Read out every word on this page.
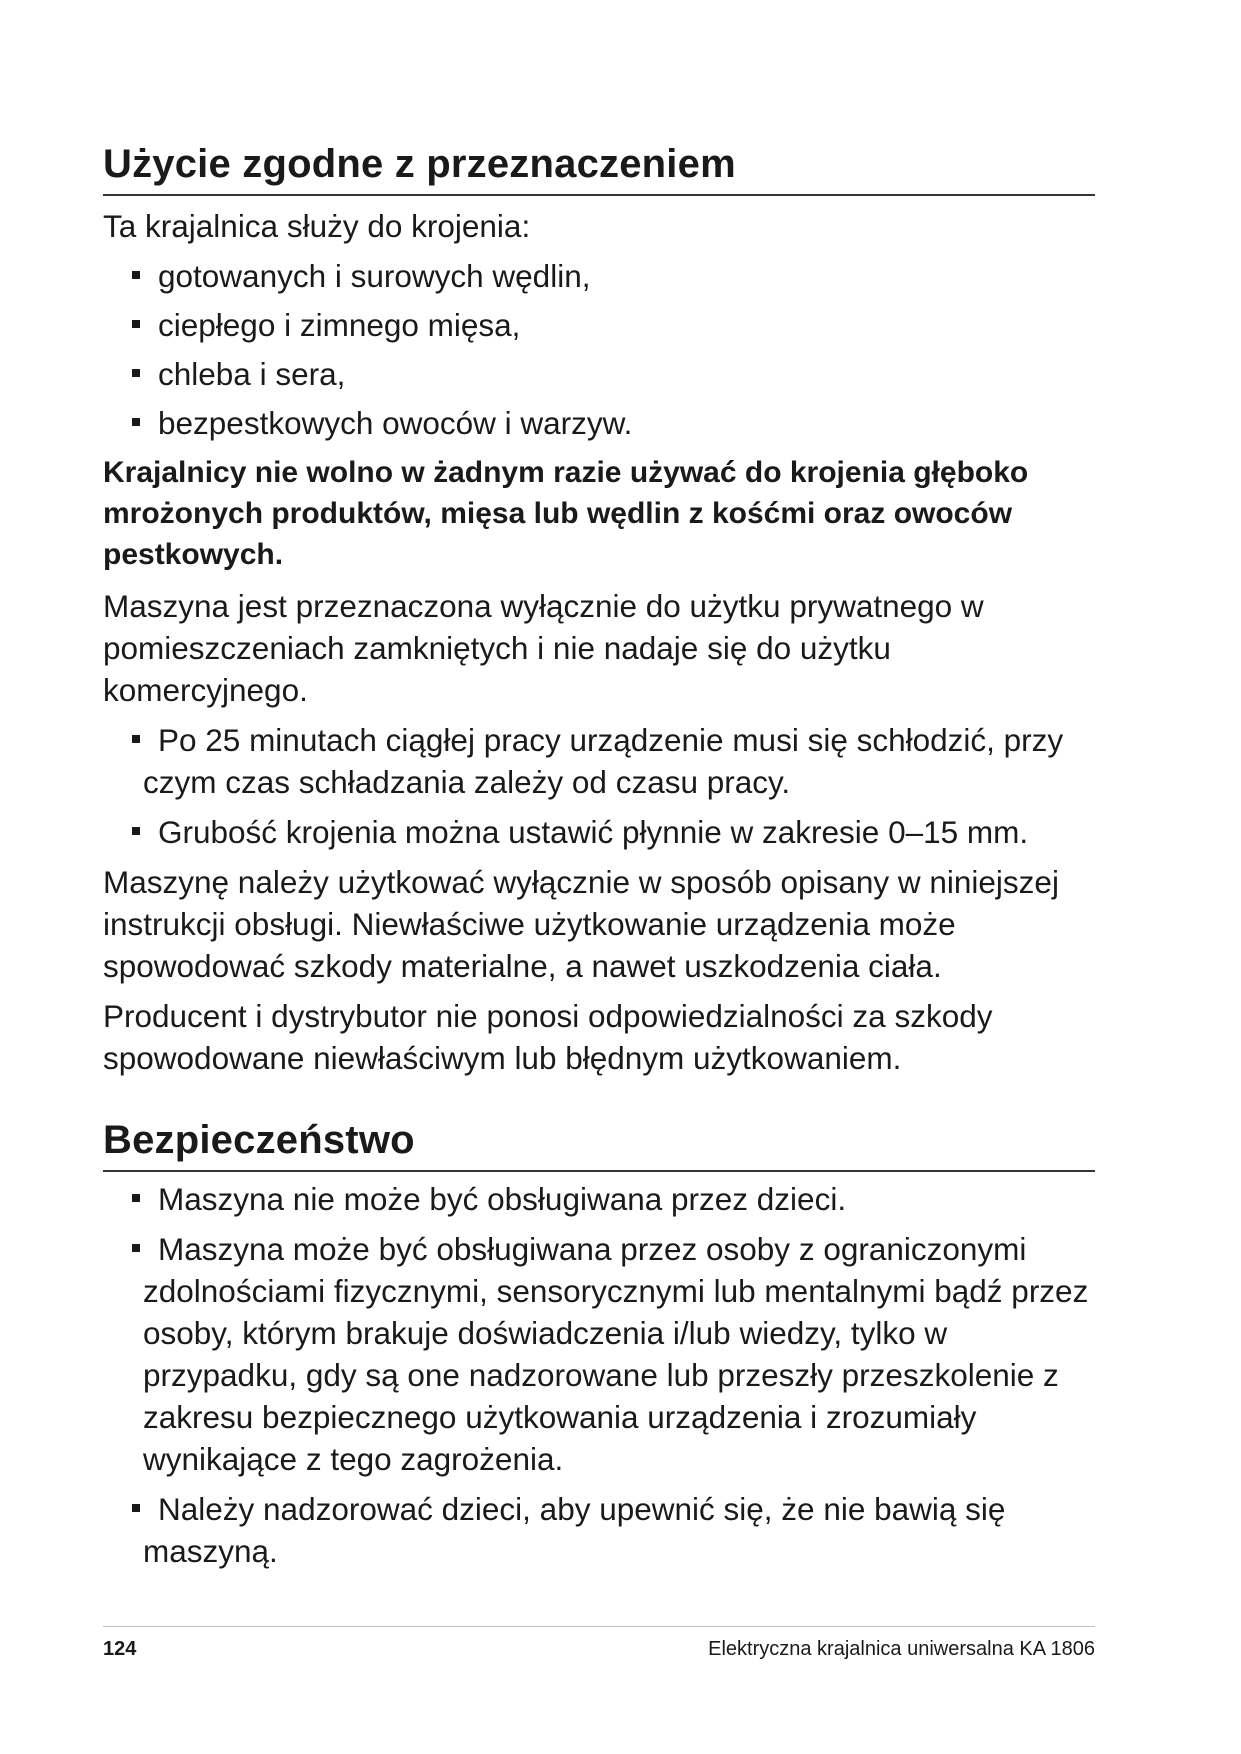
Użycie zgodne z przeznaczeniem

Ta krajalnica służy do krojenia:

gotowanych i surowych wędlin,
ciepłego i zimnego mięsa,
chleba i sera,
bezpestkowych owoców i warzyw.

Krajalnicy nie wolno w żadnym razie używać do krojenia głęboko mrożonych produktów, mięsa lub wędlin z kośćmi oraz owoców pestkowych.

Maszyna jest przeznaczona wyłącznie do użytku prywatnego w pomieszczeniach zamkniętych i nie nadaje się do użytku komercyjnego.

Po 25 minutach ciągłej pracy urządzenie musi się schłodzić, przy czym czas schładzania zależy od czasu pracy.
Grubość krojenia można ustawić płynnie w zakresie 0–15 mm.

Maszynę należy użytkować wyłącznie w sposób opisany w niniejszej instrukcji obsługi. Niewłaściwe użytkowanie urządzenia może spowodować szkody materialne, a nawet uszkodzenia ciała.

Producent i dystrybutor nie ponosi odpowiedzialności za szkody spowodowane niewłaściwym lub błędnym użytkowaniem.

Bezpieczeństwo
Maszyna nie może być obsługiwana przez dzieci.
Maszyna może być obsługiwana przez osoby z ograniczonymi zdolnościami fizycznymi, sensorycznymi lub mentalnymi bądź przez osoby, którym brakuje doświadczenia i/lub wiedzy, tylko w przypadku, gdy są one nadzorowane lub przeszły przeszkolenie z zakresu bezpiecznego użytkowania urządzenia i zrozumiały wynikające z tego zagrożenia.
Należy nadzorować dzieci, aby upewnić się, że nie bawią się maszyną.
124	Elektryczna krajalnica uniwersalna KA 1806
